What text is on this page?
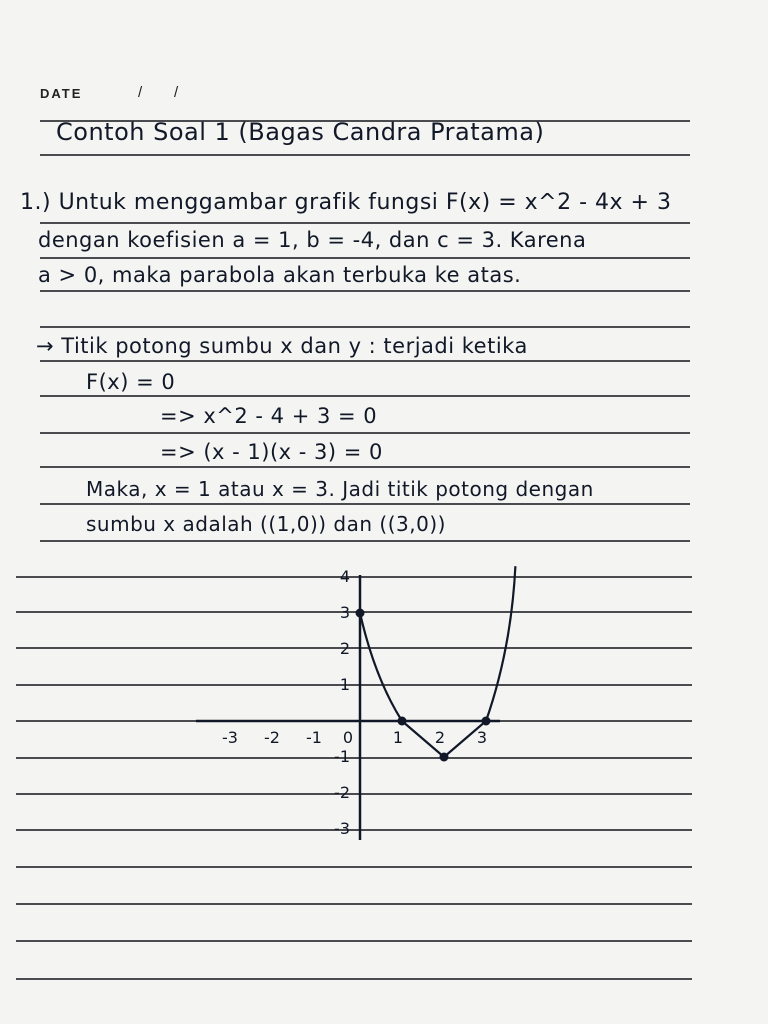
DATE	/ /
Contoh Soal 1 (Bagas Candra Pratama)
1.) Untuk menggambar grafik fungsi F(x) = x^2 - 4x + 3
dengan koefisien a = 1, b = -4, dan c = 3. Karena
a > 0, maka parabola akan terbuka ke atas.
→ Titik potong sumbu x dan y : terjadi ketika
F(x) = 0
=> x^2 - 4 + 3 = 0
=> (x - 1)(x - 3) = 0
Maka, x = 1 atau x = 3. Jadi titik potong dengan
sumbu x adalah ((1,0)) dan ((3,0))
-3 -2 -1 0 1 2 3
4
3
2
1
-1
-2
-3
